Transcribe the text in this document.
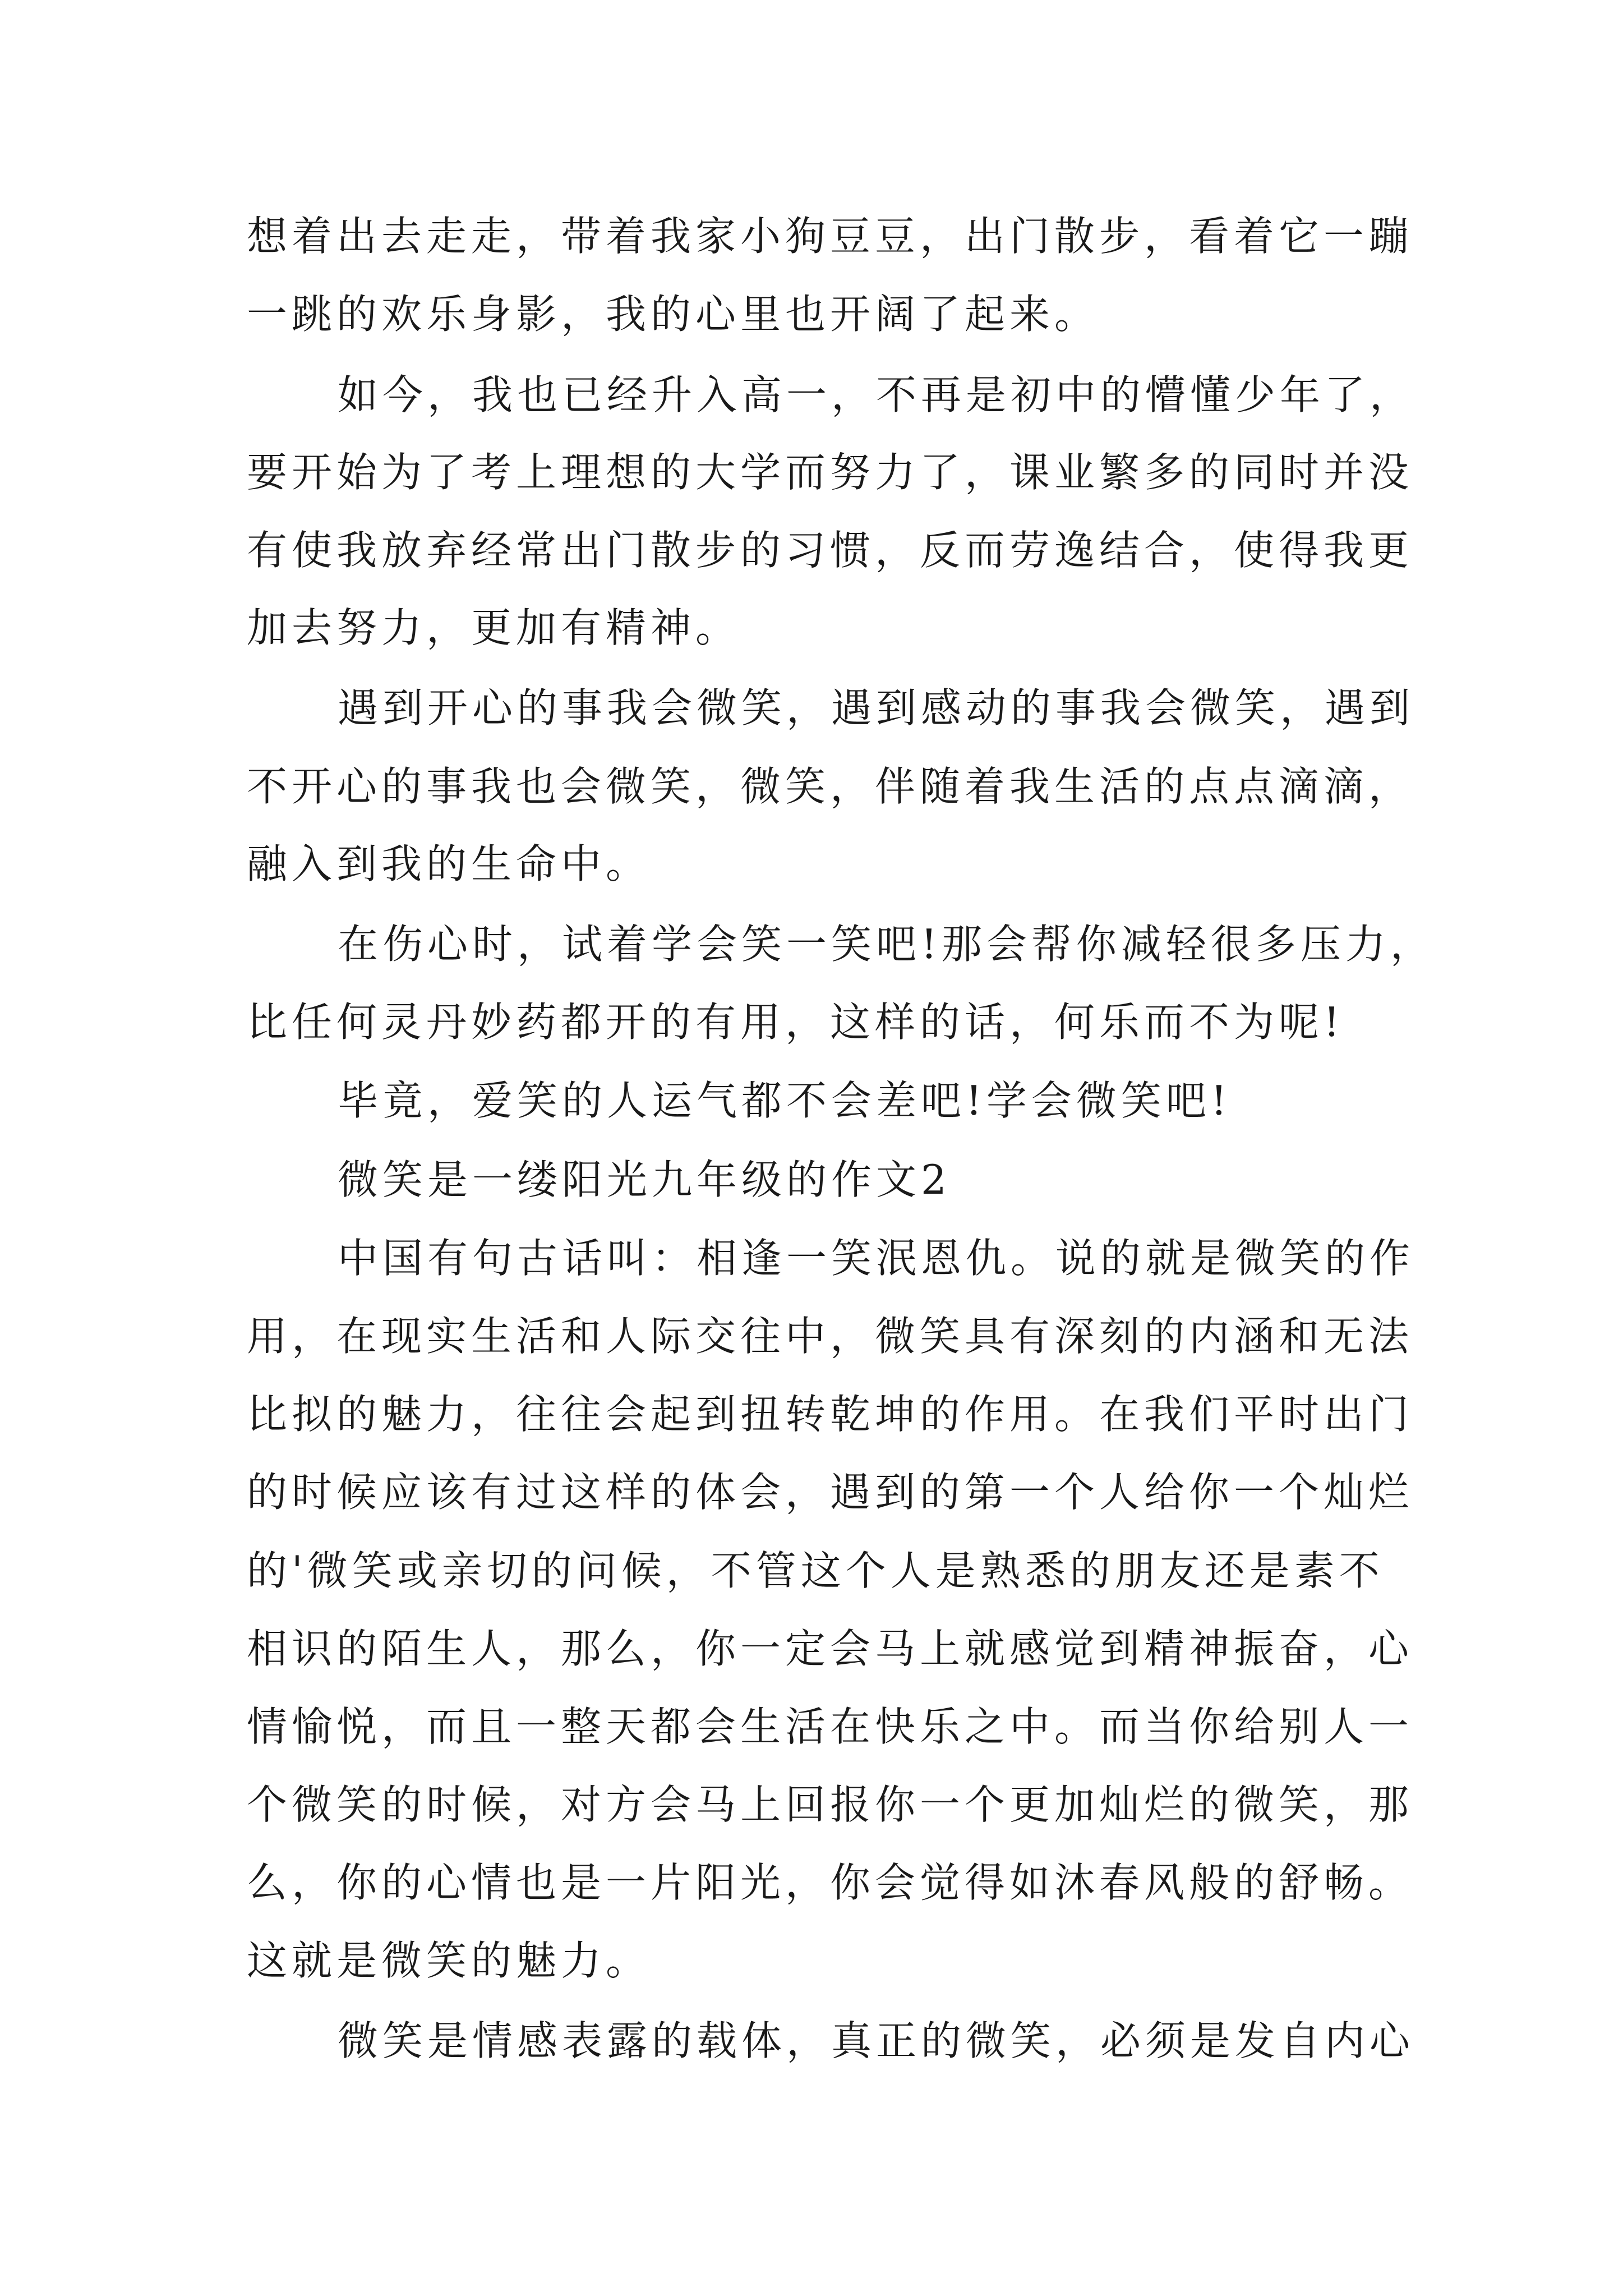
想着出去走走，带着我家小狗豆豆，出门散步，看着它一蹦
一跳的欢乐身影，我的心里也开阔了起来。
如今，我也已经升入高一，不再是初中的懵懂少年了，
要开始为了考上理想的大学而努力了，课业繁多的同时并没
有使我放弃经常出门散步的习惯，反而劳逸结合，使得我更
加去努力，更加有精神。
遇到开心的事我会微笑，遇到感动的事我会微笑，遇到
不开心的事我也会微笑，微笑，伴随着我生活的点点滴滴，
融入到我的生命中。
在伤心时，试着学会笑一笑吧!那会帮你减轻很多压力，
比任何灵丹妙药都开的有用，这样的话，何乐而不为呢!
毕竟，爱笑的人运气都不会差吧!学会微笑吧!
微笑是一缕阳光九年级的作文2
中国有句古话叫：相逢一笑泯恩仇。说的就是微笑的作
用，在现实生活和人际交往中，微笑具有深刻的内涵和无法
比拟的魅力，往往会起到扭转乾坤的作用。在我们平时出门
的时候应该有过这样的体会，遇到的第一个人给你一个灿烂
的'微笑或亲切的问候，不管这个人是熟悉的朋友还是素不
相识的陌生人，那么，你一定会马上就感觉到精神振奋，心
情愉悦，而且一整天都会生活在快乐之中。而当你给别人一
个微笑的时候，对方会马上回报你一个更加灿烂的微笑，那
么，你的心情也是一片阳光，你会觉得如沐春风般的舒畅。
这就是微笑的魅力。
微笑是情感表露的载体，真正的微笑，必须是发自内心
